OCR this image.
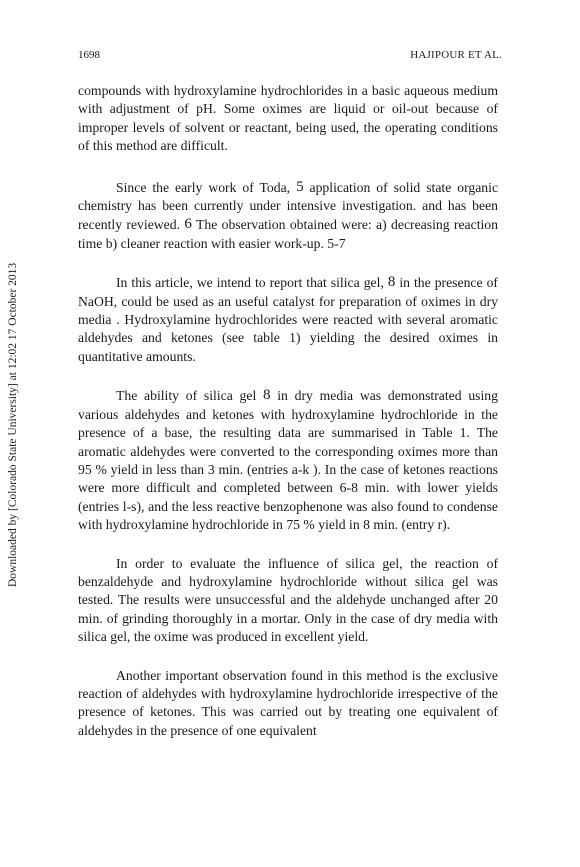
Downloaded by [Colorado State University] at 12:02 17 October 2013
1698	HAJIPOUR ET AL.

compounds with hydroxylamine hydrochlorides in a basic aqueous medium with adjustment of pH. Some oximes are liquid or oil-out because of improper levels of solvent or reactant, being used, the operating conditions of this method are difficult.

Since the early work of Toda, 5 application of solid state organic chemistry has been currently under intensive investigation. and has been recently reviewed. 6 The observation obtained were: a) decreasing reaction time b) cleaner reaction with easier work-up. 5-7

In this article, we intend to report that silica gel, 8 in the presence of NaOH, could be used as an useful catalyst for preparation of oximes in dry media . Hydroxylamine hydrochlorides were reacted with several aromatic aldehydes and ketones (see table 1) yielding the desired oximes in quantitative amounts.

The ability of silica gel 8 in dry media was demonstrated using various aldehydes and ketones with hydroxylamine hydrochloride in the presence of a base, the resulting data are summarised in Table 1. The aromatic aldehydes were converted to the corresponding oximes more than 95 % yield in less than 3 min. (entries a-k ). In the case of ketones reactions were more difficult and completed between 6-8 min. with lower yields (entries l-s), and the less reactive benzophenone was also found to condense with hydroxylamine hydrochloride in 75 % yield in 8 min. (entry r).

In order to evaluate the influence of silica gel, the reaction of benzaldehyde and hydroxylamine hydrochloride without silica gel was tested. The results were unsuccessful and the aldehyde unchanged after 20 min. of grinding thoroughly in a mortar. Only in the case of dry media with silica gel, the oxime was produced in excellent yield.

Another important observation found in this method is the exclusive reaction of aldehydes with hydroxylamine hydrochloride irrespective of the presence of ketones. This was carried out by treating one equivalent of aldehydes in the presence of one equivalent
